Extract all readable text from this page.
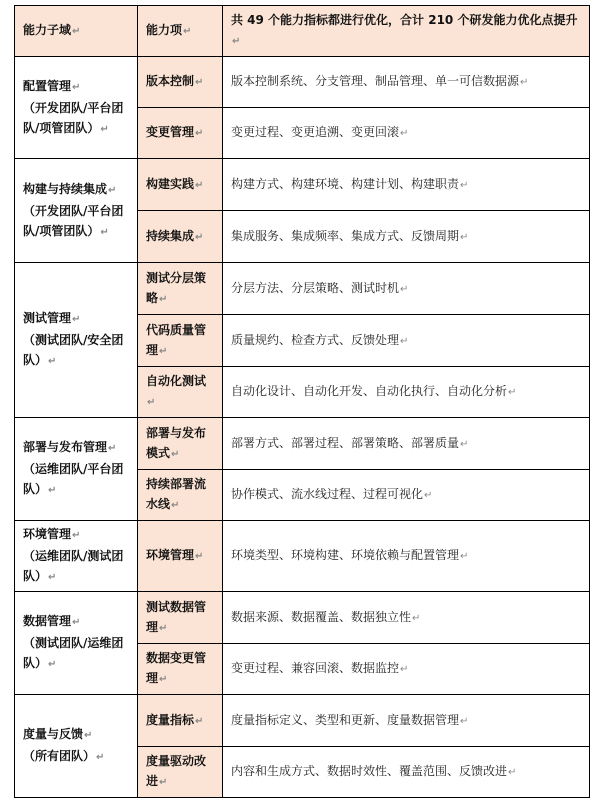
能力子域↵	能力项↵	共 49 个能力指标都进行优化，合计 210 个研发能力优化点提升↵
配置管理↵
（开发团队/平台团队/项管团队）↵	版本控制↵	版本控制系统、分支管理、制品管理、单一可信数据源↵
	变更管理↵	变更过程、变更追溯、变更回滚↵
构建与持续集成↵
（开发团队/平台团队/项管团队）↵	构建实践↵	构建方式、构建环境、构建计划、构建职责↵
	持续集成↵	集成服务、集成频率、集成方式、反馈周期↵
测试管理↵
（测试团队/安全团队）↵	测试分层策略↵	分层方法、分层策略、测试时机↵
	代码质量管理↵	质量规约、检查方式、反馈处理↵
	自动化测试↵	自动化设计、自动化开发、自动化执行、自动化分析↵
部署与发布管理↵
（运维团队/平台团队）↵	部署与发布模式↵	部署方式、部署过程、部署策略、部署质量↵
	持续部署流水线↵	协作模式、流水线过程、过程可视化↵
环境管理↵
（运维团队/测试团队）↵	环境管理↵	环境类型、环境构建、环境依赖与配置管理↵
数据管理↵
（测试团队/运维团队）↵	测试数据管理↵	数据来源、数据覆盖、数据独立性↵
	数据变更管理↵	变更过程、兼容回滚、数据监控↵
度量与反馈↵
（所有团队）↵	度量指标↵	度量指标定义、类型和更新、度量数据管理↵
	度量驱动改进↵	内容和生成方式、数据时效性、覆盖范围、反馈改进↵
